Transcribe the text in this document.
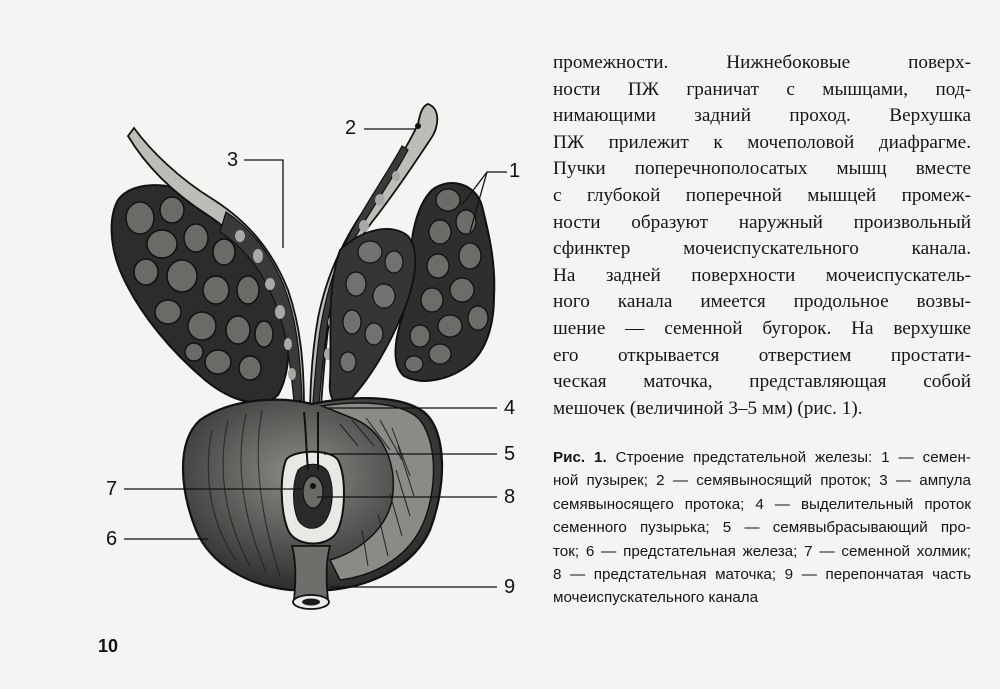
1
2
3
4
5
6
7	8
9
промежности. Нижнебоковые поверх-
ности ПЖ граничат с мышцами, под-
нимающими задний проход. Верхушка
ПЖ прилежит к мочеполовой диафрагме.
Пучки поперечнополосатых мышц вместе
с глубокой поперечной мышцей промеж-
ности образуют наружный произвольный
сфинктер мочеиспускательного канала.
На задней поверхности мочеиспускатель-
ного канала имеется продольное возвы-
шение — семенной бугорок. На верхушке
его открывается отверстием простати-
ческая маточка, представляющая собой
мешочек (величиной 3–5 мм) (рис. 1).
Рис. 1. Строение предстательной железы: 1 — семен-
ной пузырек; 2 — семявыносящий проток; 3 — ампула
семявыносящего протока; 4 — выделительный проток
семенного пузырька; 5 — семявыбрасывающий про-
ток; 6 — предстательная железа; 7 — семенной холмик;
8 — предстательная маточка; 9 — перепончатая часть
мочеиспускательного канала
10
